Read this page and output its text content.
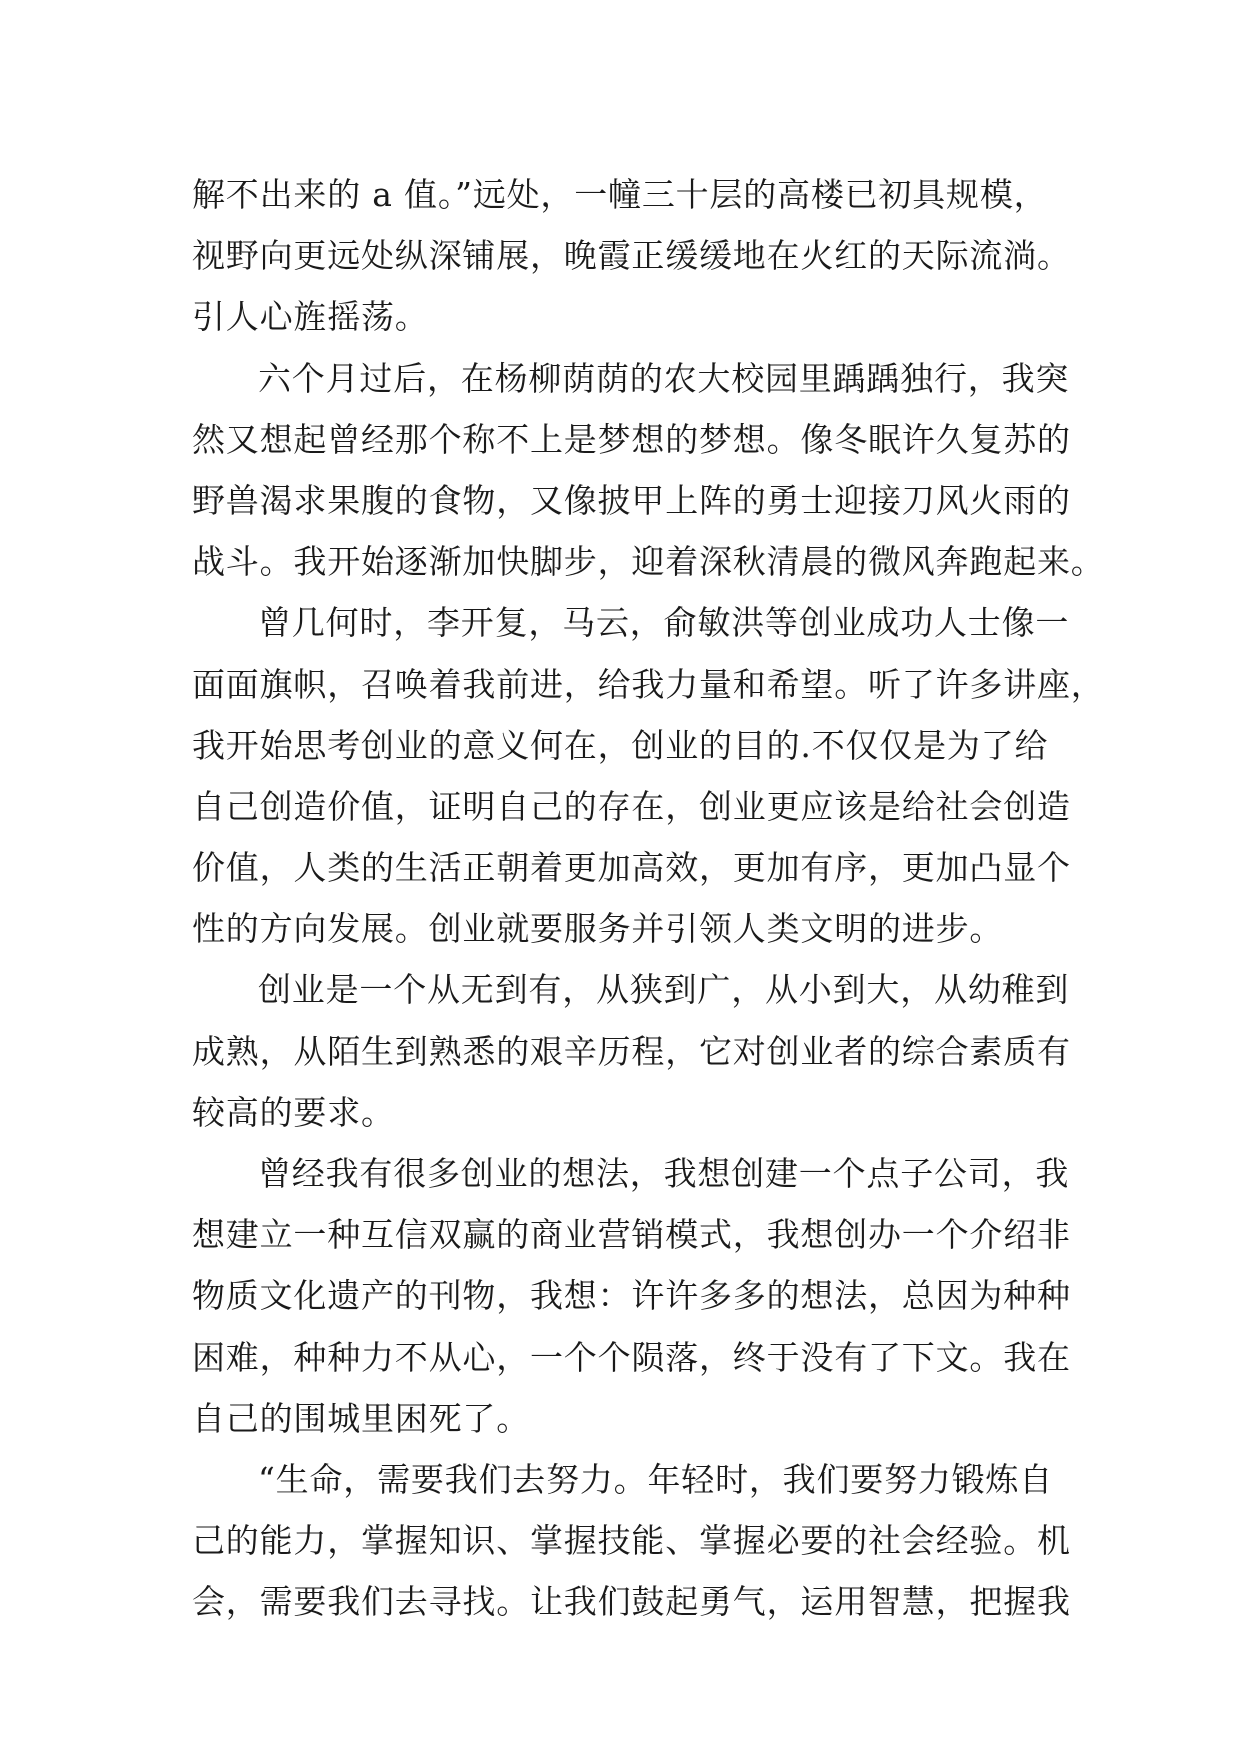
解不出来的 a 值。”远处，一幢三十层的高楼已初具规模，
视野向更远处纵深铺展，晚霞正缓缓地在火红的天际流淌。
引人心旌摇荡。
六个月过后，在杨柳荫荫的农大校园里踽踽独行，我突
然又想起曾经那个称不上是梦想的梦想。像冬眠许久复苏的
野兽渴求果腹的食物，又像披甲上阵的勇士迎接刀风火雨的
战斗。我开始逐渐加快脚步，迎着深秋清晨的微风奔跑起来。
曾几何时，李开复，马云，俞敏洪等创业成功人士像一
面面旗帜，召唤着我前进，给我力量和希望。听了许多讲座，
我开始思考创业的意义何在，创业的目的.不仅仅是为了给
自己创造价值，证明自己的存在，创业更应该是给社会创造
价值，人类的生活正朝着更加高效，更加有序，更加凸显个
性的方向发展。创业就要服务并引领人类文明的进步。
创业是一个从无到有，从狭到广，从小到大，从幼稚到
成熟，从陌生到熟悉的艰辛历程，它对创业者的综合素质有
较高的要求。
曾经我有很多创业的想法，我想创建一个点子公司，我
想建立一种互信双赢的商业营销模式，我想创办一个介绍非
物质文化遗产的刊物，我想：许许多多的想法，总因为种种
困难，种种力不从心，一个个陨落，终于没有了下文。我在
自己的围城里困死了。
“生命，需要我们去努力。年轻时，我们要努力锻炼自
己的能力，掌握知识、掌握技能、掌握必要的社会经验。机
会，需要我们去寻找。让我们鼓起勇气，运用智慧，把握我
